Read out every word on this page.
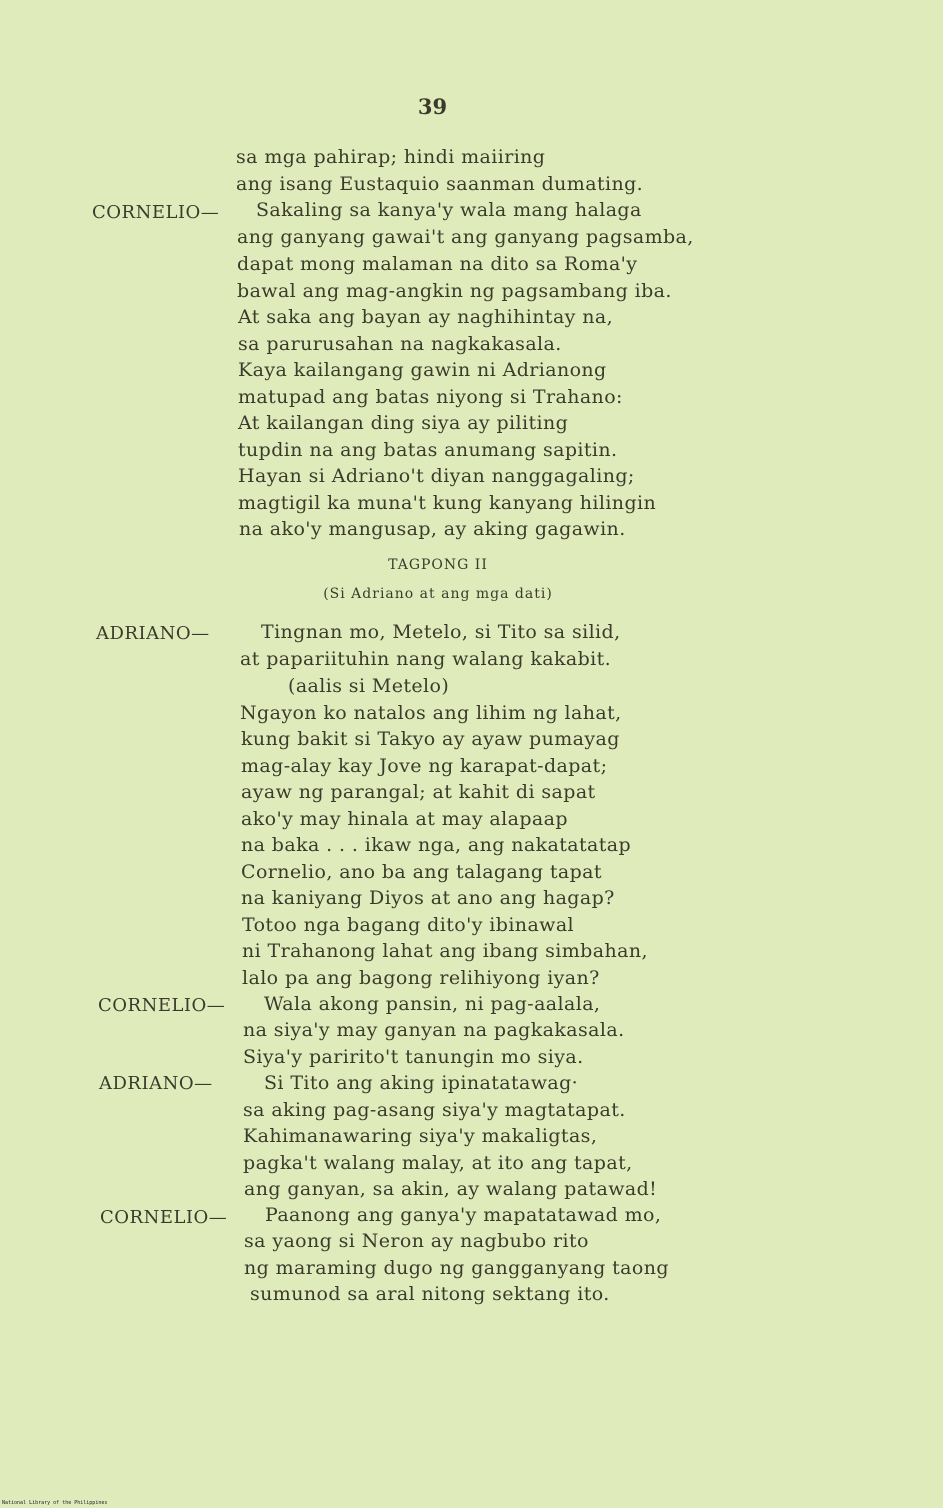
39
CORNELIO—
ADRIANO—
CORNELIO—
ADRIANO—
CORNELIO—
TAGPONG II
(Si Adriano at ang mga dati)
sa mga pahirap; hindi maiiring
ang isang Eustaquio saanman dumating.
Sakaling sa kanya'y wala mang halaga
ang ganyang gawai't ang ganyang pagsamba,
dapat mong malaman na dito sa Roma'y
bawal ang mag-angkin ng pagsambang iba.
At saka ang bayan ay naghihintay na,
sa parurusahan na nagkakasala.
Kaya kailangang gawin ni Adrianong
matupad ang batas niyong si Trahano:
At kailangan ding siya ay piliting
tupdin na ang batas anumang sapitin.
Hayan si Adriano't diyan nanggagaling;
magtigil ka muna't kung kanyang hilingin
na ako'y mangusap, ay aking gagawin.
Tingnan mo, Metelo, si Tito sa silid,
at papariituhin nang walang kakabit.
(aalis si Metelo)
Ngayon ko natalos ang lihim ng lahat,
kung bakit si Takyo ay ayaw pumayag
mag-alay kay Jove ng karapat-dapat;
ayaw ng parangal; at kahit di sapat
ako'y may hinala at may alapaap
na baka . . . ikaw nga, ang nakatatatap
Cornelio, ano ba ang talagang tapat
na kaniyang Diyos at ano ang hagap?
Totoo nga bagang dito'y ibinawal
ni Trahanong lahat ang ibang simbahan,
lalo pa ang bagong relihiyong iyan?
Wala akong pansin, ni pag-aalala,
na siya'y may ganyan na pagkakasala.
Siya'y paririto't tanungin mo siya.
Si Tito ang aking ipinatatawag·
sa aking pag-asang siya'y magtatapat.
Kahimanawaring siya'y makaligtas,
pagka't walang malay, at ito ang tapat,
ang ganyan, sa akin, ay walang patawad!
Paanong ang ganya'y mapatatawad mo,
sa yaong si Neron ay nagbubo rito
ng maraming dugo ng gangganyang taong
sumunod sa aral nitong sektang ito.
National Library of the Philippines
